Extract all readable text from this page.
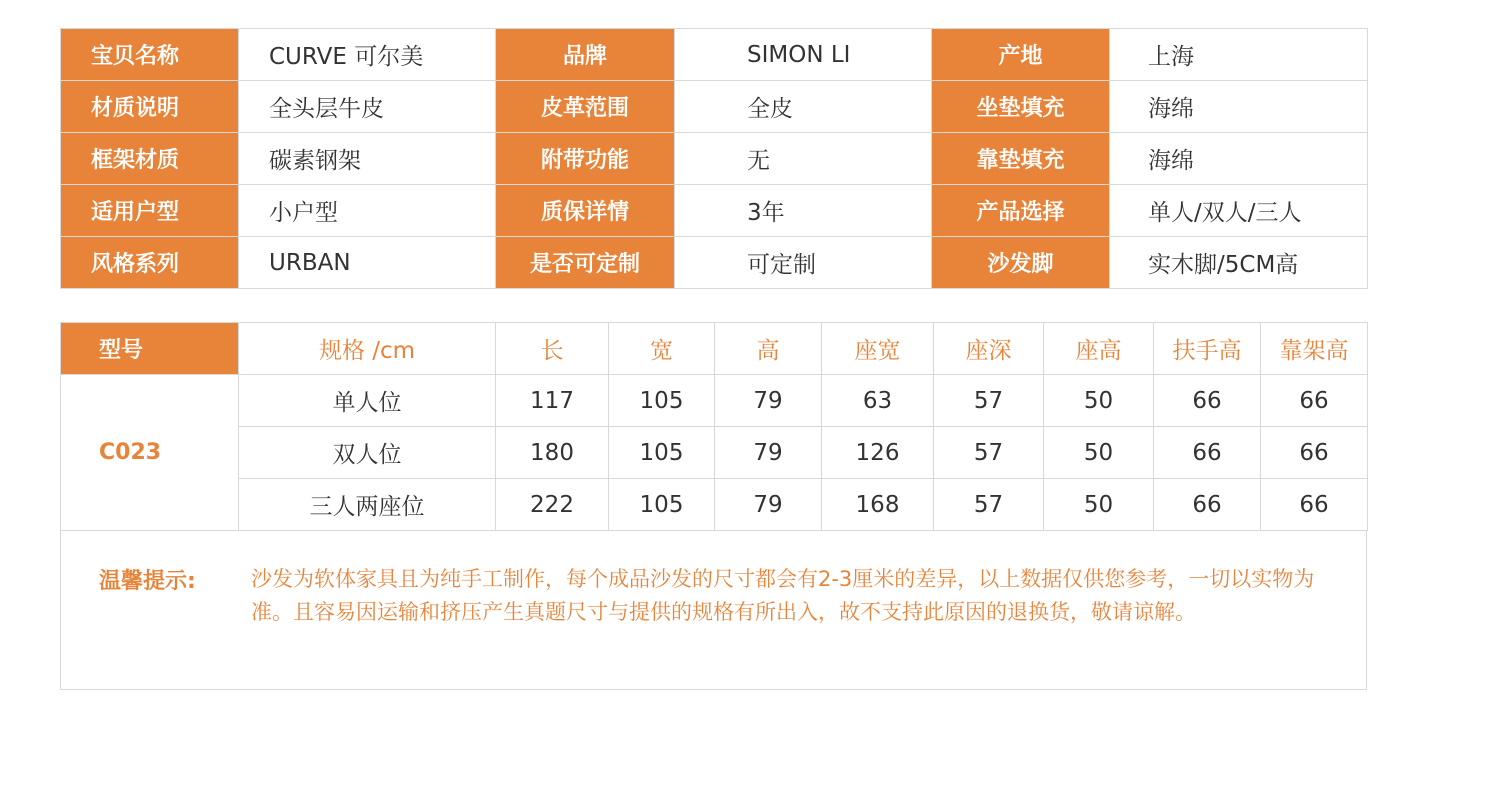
宝贝名称	CURVE 可尔美	品牌	SIMON LI	产地	上海
材质说明	全头层牛皮	皮革范围	全皮	坐垫填充	海绵
框架材质	碳素钢架	附带功能	无	靠垫填充	海绵
适用户型	小户型	质保详情	3年	产品选择	单人/双人/三人
风格系列	URBAN	是否可定制	可定制	沙发脚	实木脚/5CM高
型号	规格 /cm	长	宽	高	座宽	座深	座高	扶手高	靠架高
C023	单人位	117	105	79	63	57	50	66	66
	双人位	180	105	79	126	57	50	66	66
	三人两座位	222	105	79	168	57	50	66	66
温馨提示:	沙发为软体家具且为纯手工制作，每个成品沙发的尺寸都会有2-3厘米的差异，以上数据仅供您参考，一切以实物为准。且容易因运输和挤压产生真题尺寸与提供的规格有所出入，故不支持此原因的退换货，敬请谅解。
